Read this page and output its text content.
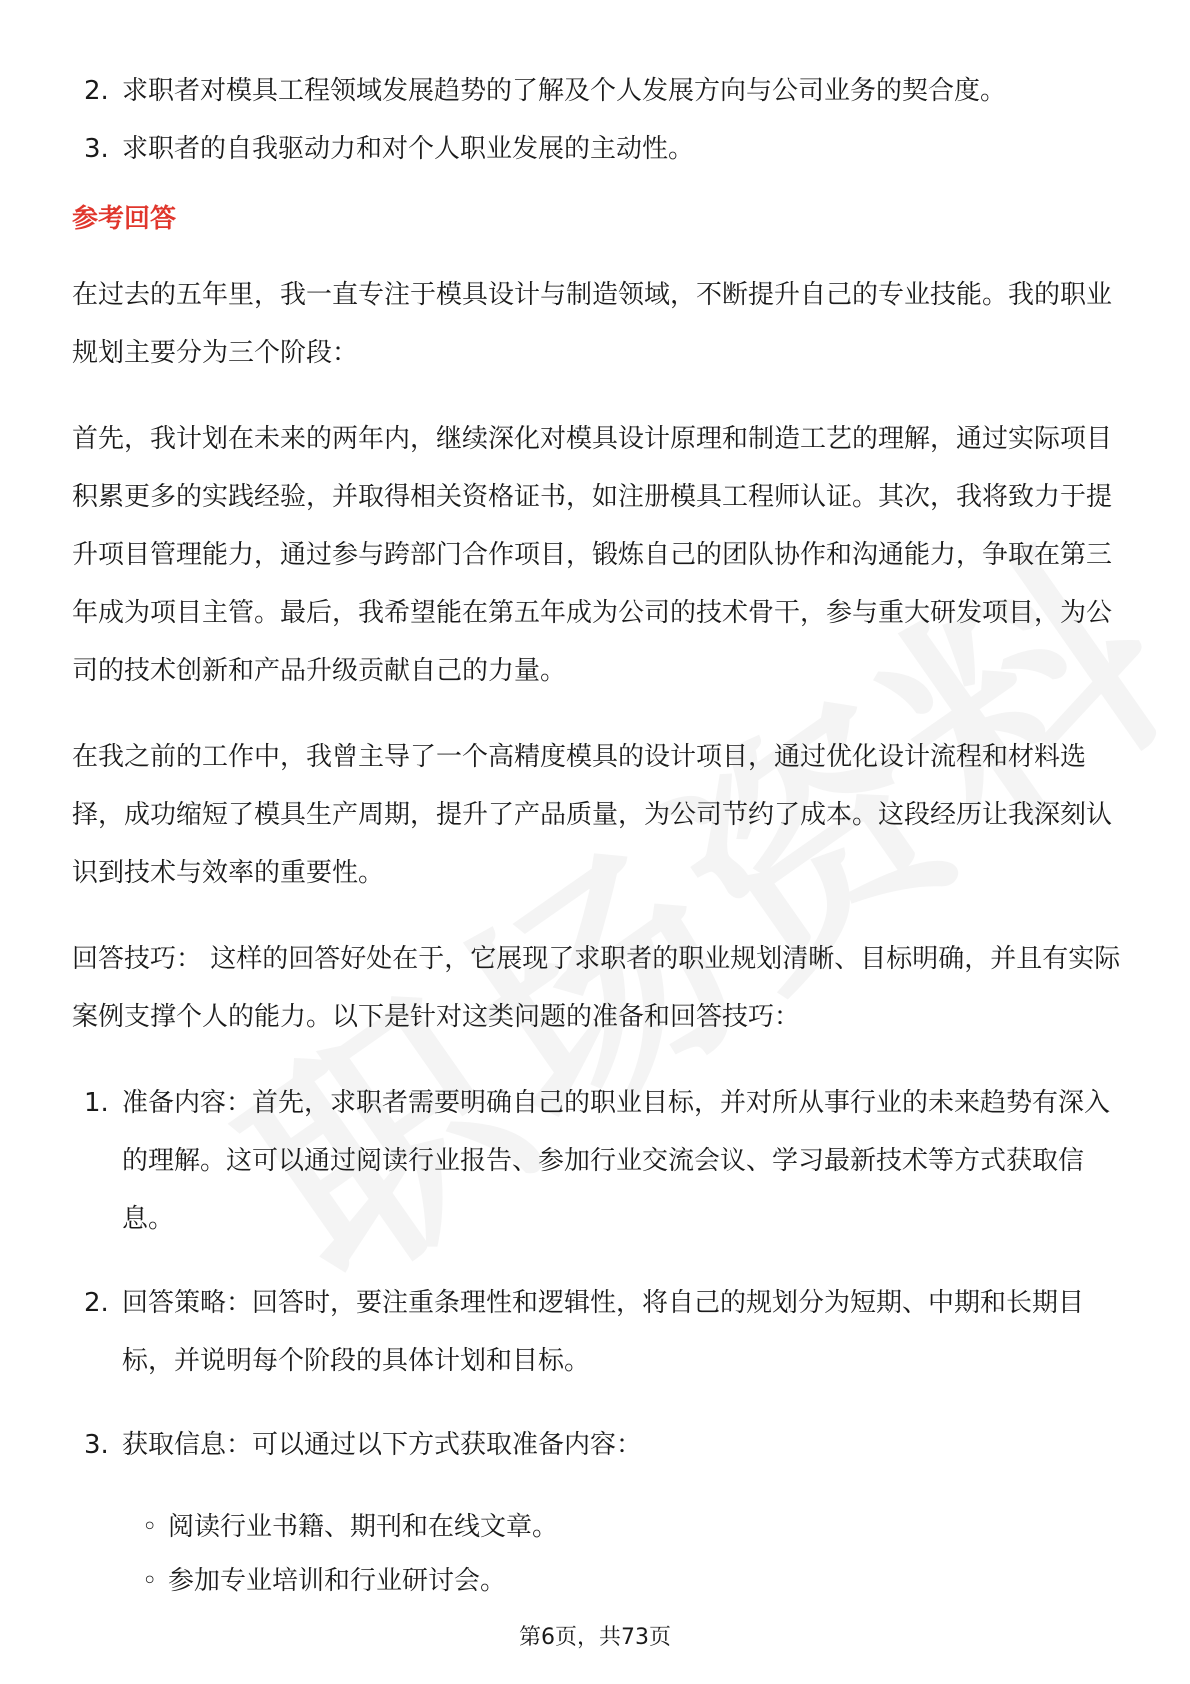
2. 求职者对模具工程领域发展趋势的了解及个人发展方向与公司业务的契合度。
3. 求职者的自我驱动力和对个人职业发展的主动性。
参考回答

在过去的五年里，我一直专注于模具设计与制造领域，不断提升自己的专业技能。我的职业规划主要分为三个阶段：

首先，我计划在未来的两年内，继续深化对模具设计原理和制造工艺的理解，通过实际项目积累更多的实践经验，并取得相关资格证书，如注册模具工程师认证。其次，我将致力于提升项目管理能力，通过参与跨部门合作项目，锻炼自己的团队协作和沟通能力，争取在第三年成为项目主管。最后，我希望能在第五年成为公司的技术骨干，参与重大研发项目，为公司的技术创新和产品升级贡献自己的力量。

在我之前的工作中，我曾主导了一个高精度模具的设计项目，通过优化设计流程和材料选择，成功缩短了模具生产周期，提升了产品质量，为公司节约了成本。这段经历让我深刻认识到技术与效率的重要性。

回答技巧： 这样的回答好处在于，它展现了求职者的职业规划清晰、目标明确，并且有实际案例支撑个人的能力。以下是针对这类问题的准备和回答技巧：

1. 准备内容：首先，求职者需要明确自己的职业目标，并对所从事行业的未来趋势有深入的理解。这可以通过阅读行业报告、参加行业交流会议、学习最新技术等方式获取信息。
2. 回答策略：回答时，要注重条理性和逻辑性，将自己的规划分为短期、中期和长期目标，并说明每个阶段的具体计划和目标。
3. 获取信息：可以通过以下方式获取准备内容：
◦ 阅读行业书籍、期刊和在线文章。
◦ 参加专业培训和行业研讨会。
第6页，共73页
